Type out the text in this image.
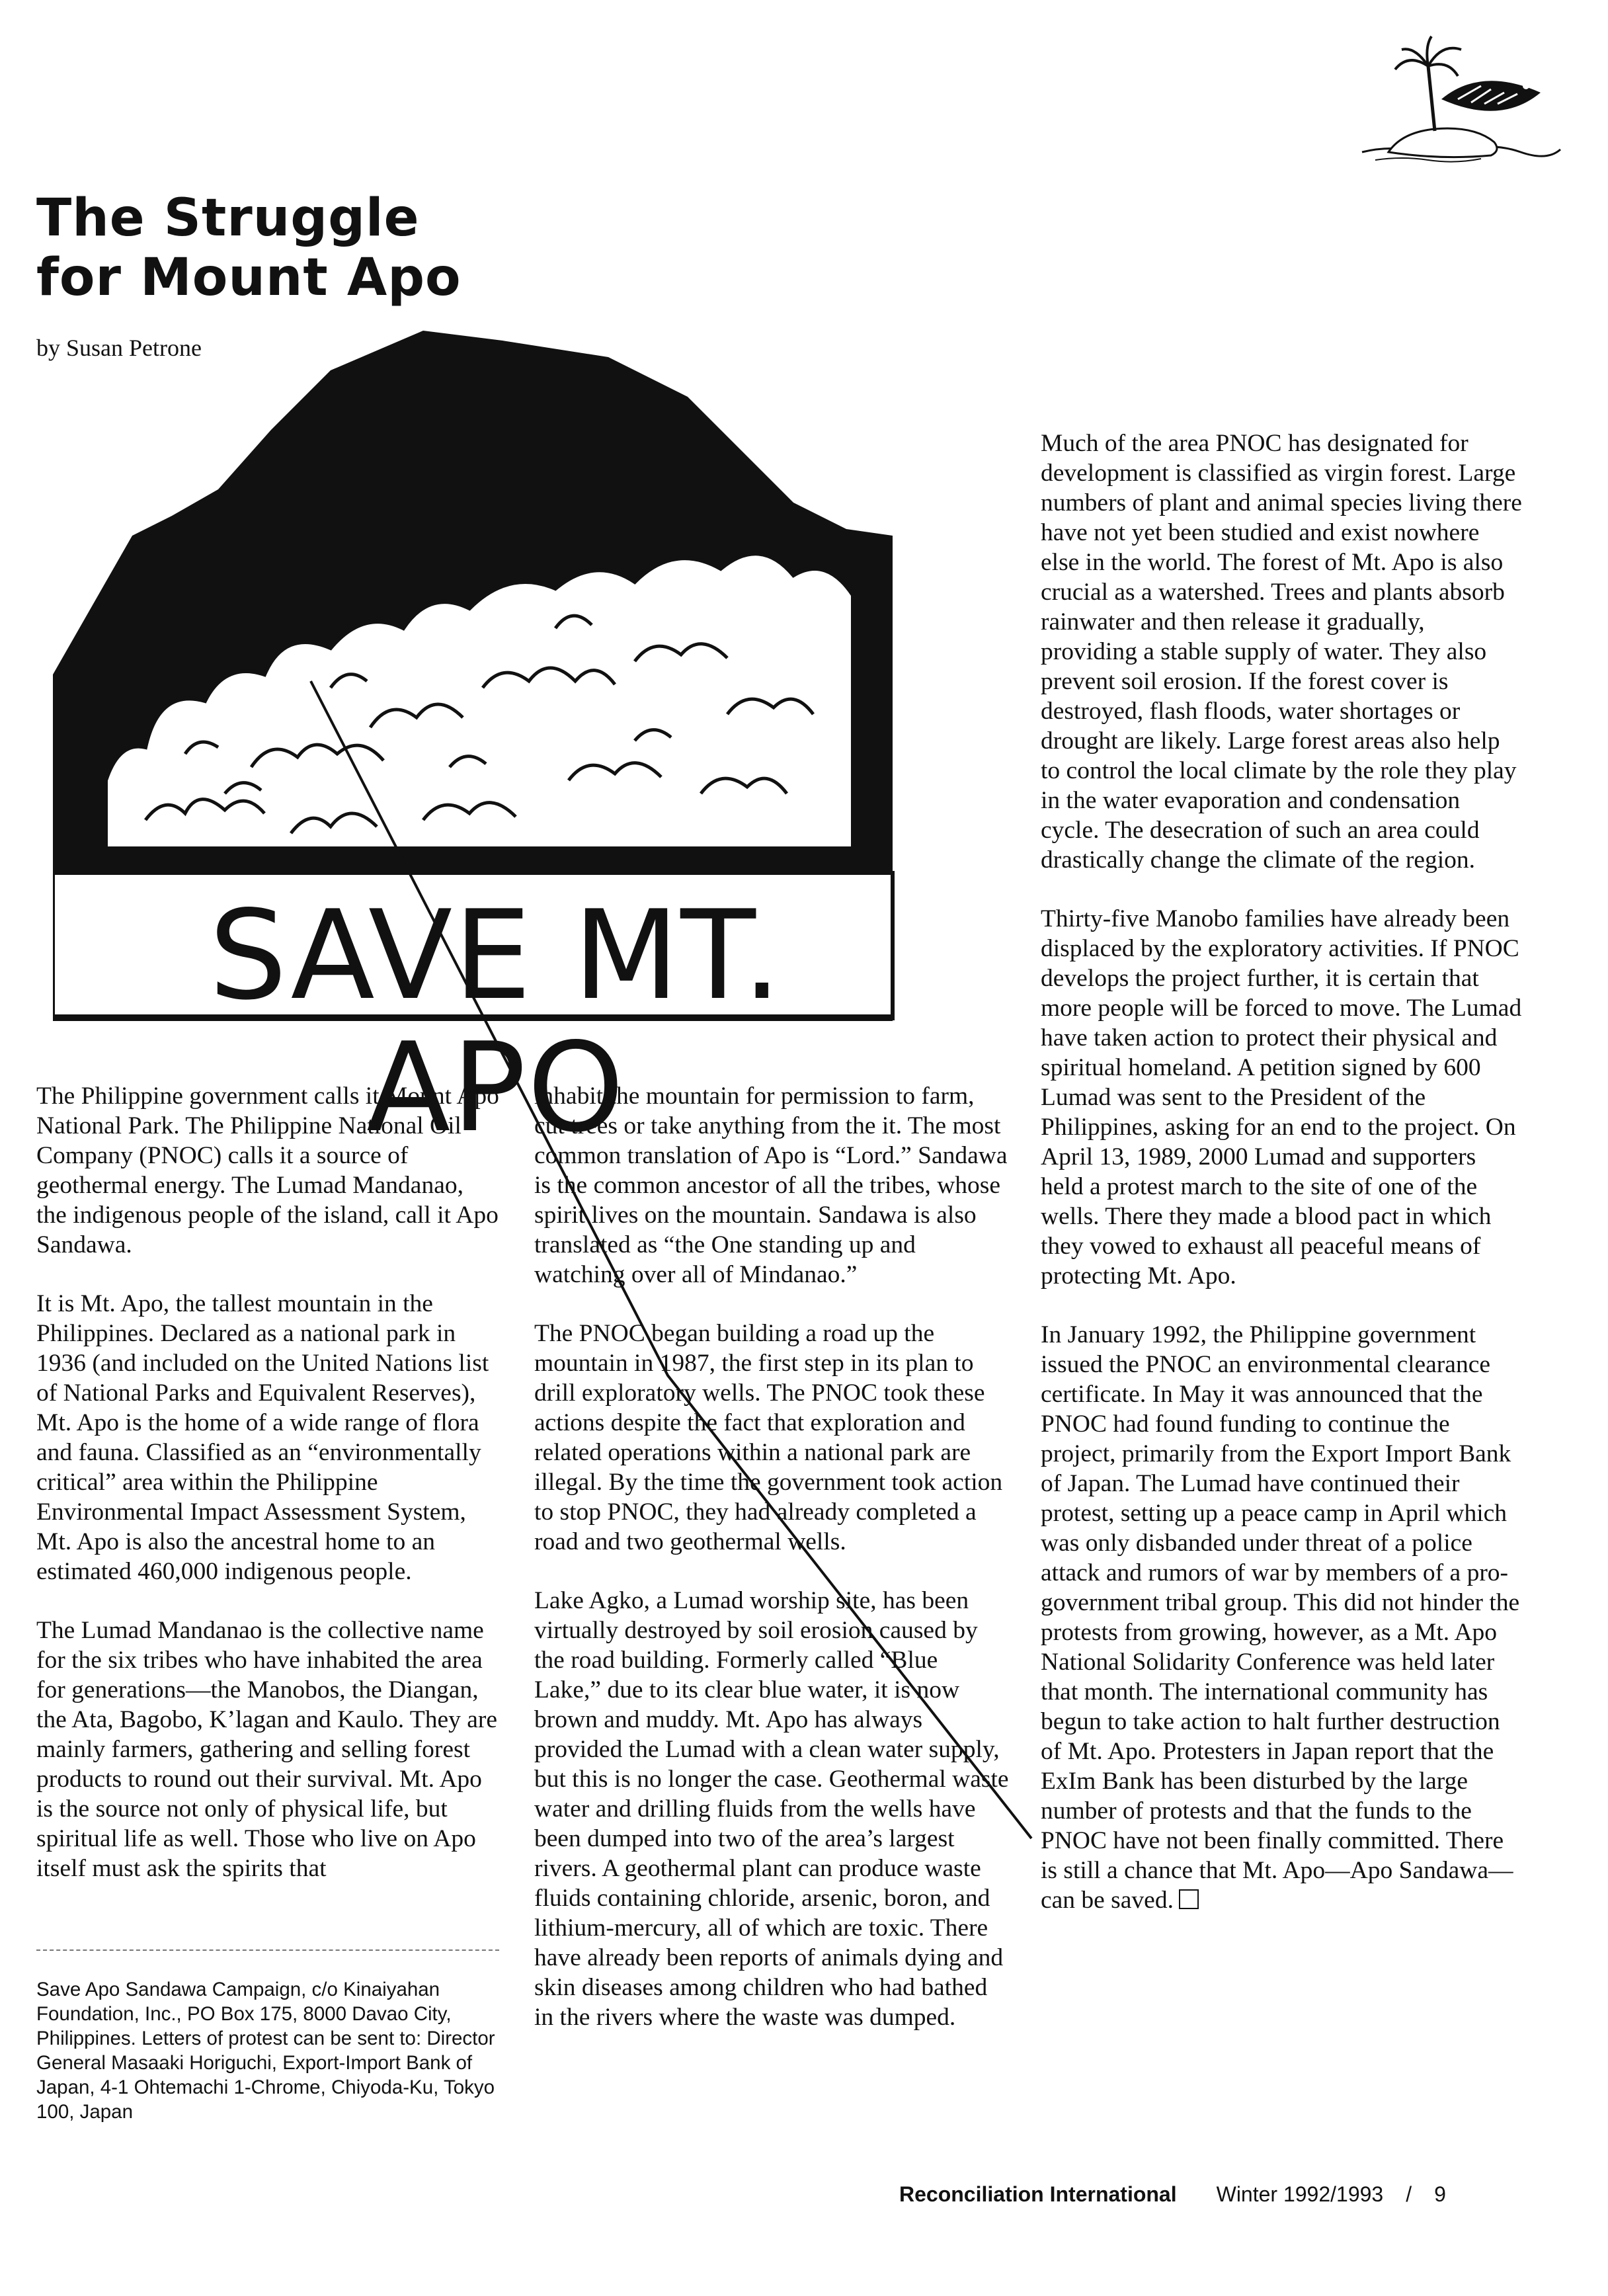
The Struggle
for Mount Apo
by Susan Petrone
SAVE MT. APO

The Philippine government calls it Mount Apo National Park. The Philippine National Oil Company (PNOC) calls it a source of geothermal energy. The Lumad Mandanao, the indigenous people of the island, call it Apo Sandawa.

It is Mt. Apo, the tallest mountain in the Philippines. Declared as a national park in 1936 (and included on the United Nations list of National Parks and Equivalent Reserves), Mt. Apo is the home of a wide range of flora and fauna. Classified as an “environmentally critical” area within the Philippine Environmental Impact Assessment System, Mt. Apo is also the ancestral home to an estimated 460,000 indigenous people.

The Lumad Mandanao is the collective name for the six tribes who have inhabited the area for generations—the Manobos, the Diangan, the Ata, Bagobo, K’lagan and Kaulo. They are mainly farmers, gathering and selling forest products to round out their survival. Mt. Apo is the source not only of physical life, but spiritual life as well. Those who live on Apo itself must ask the spirits that

inhabit the mountain for permission to farm, cut trees or take anything from the it. The most common translation of Apo is “Lord.” Sandawa is the common ancestor of all the tribes, whose spirit lives on the mountain. Sandawa is also translated as “the One standing up and watching over all of Mindanao.”

The PNOC began building a road up the mountain in 1987, the first step in its plan to drill exploratory wells. The PNOC took these actions despite the fact that exploration and related operations within a national park are illegal. By the time the government took action to stop PNOC, they had already completed a road and two geothermal wells.

Lake Agko, a Lumad worship site, has been virtually destroyed by soil erosion caused by the road building. Formerly called “Blue Lake,” due to its clear blue water, it is now brown and muddy. Mt. Apo has always provided the Lumad with a clean water supply, but this is no longer the case. Geothermal waste water and drilling fluids from the wells have been dumped into two of the area’s largest rivers. A geothermal plant can produce waste fluids containing chloride, arsenic, boron, and lithium-mercury, all of which are toxic. There have already been reports of animals dying and skin diseases among children who had bathed in the rivers where the waste was dumped.

Much of the area PNOC has designated for development is classified as virgin forest. Large numbers of plant and animal species living there have not yet been studied and exist nowhere else in the world. The forest of Mt. Apo is also crucial as a watershed. Trees and plants absorb rainwater and then release it gradually, providing a stable supply of water. They also prevent soil erosion. If the forest cover is destroyed, flash floods, water shortages or drought are likely. Large forest areas also help to control the local climate by the role they play in the water evaporation and condensation cycle. The desecration of such an area could drastically change the climate of the region.

Thirty-five Manobo families have already been displaced by the exploratory activities. If PNOC develops the project further, it is certain that more people will be forced to move. The Lumad have taken action to protect their physical and spiritual homeland. A petition signed by 600 Lumad was sent to the President of the Philippines, asking for an end to the project. On April 13, 1989, 2000 Lumad and supporters held a protest march to the site of one of the wells. There they made a blood pact in which they vowed to exhaust all peaceful means of protecting Mt. Apo.

In January 1992, the Philippine government issued the PNOC an environmental clearance certificate. In May it was announced that the PNOC had found funding to continue the project, primarily from the Export Import Bank of Japan. The Lumad have continued their protest, setting up a peace camp in April which was only disbanded under threat of a police attack and rumors of war by members of a pro-government tribal group. This did not hinder the protests from growing, however, as a Mt. Apo National Solidarity Conference was held later that month. The international community has begun to take action to halt further destruction of Mt. Apo. Protesters in Japan report that the ExIm Bank has been disturbed by the large number of protests and that the funds to the PNOC have not been finally committed. There is still a chance that Mt. Apo—Apo Sandawa—can be saved.

Save Apo Sandawa Campaign, c/o Kinaiyahan Foundation, Inc., PO Box 175, 8000 Davao City, Philippines. Letters of protest can be sent to: Director General Masaaki Horiguchi, Export-Import Bank of Japan, 4-1 Ohtemachi 1-Chrome, Chiyoda-Ku, Tokyo 100, Japan
Reconciliation International Winter 1992/1993 / 9
